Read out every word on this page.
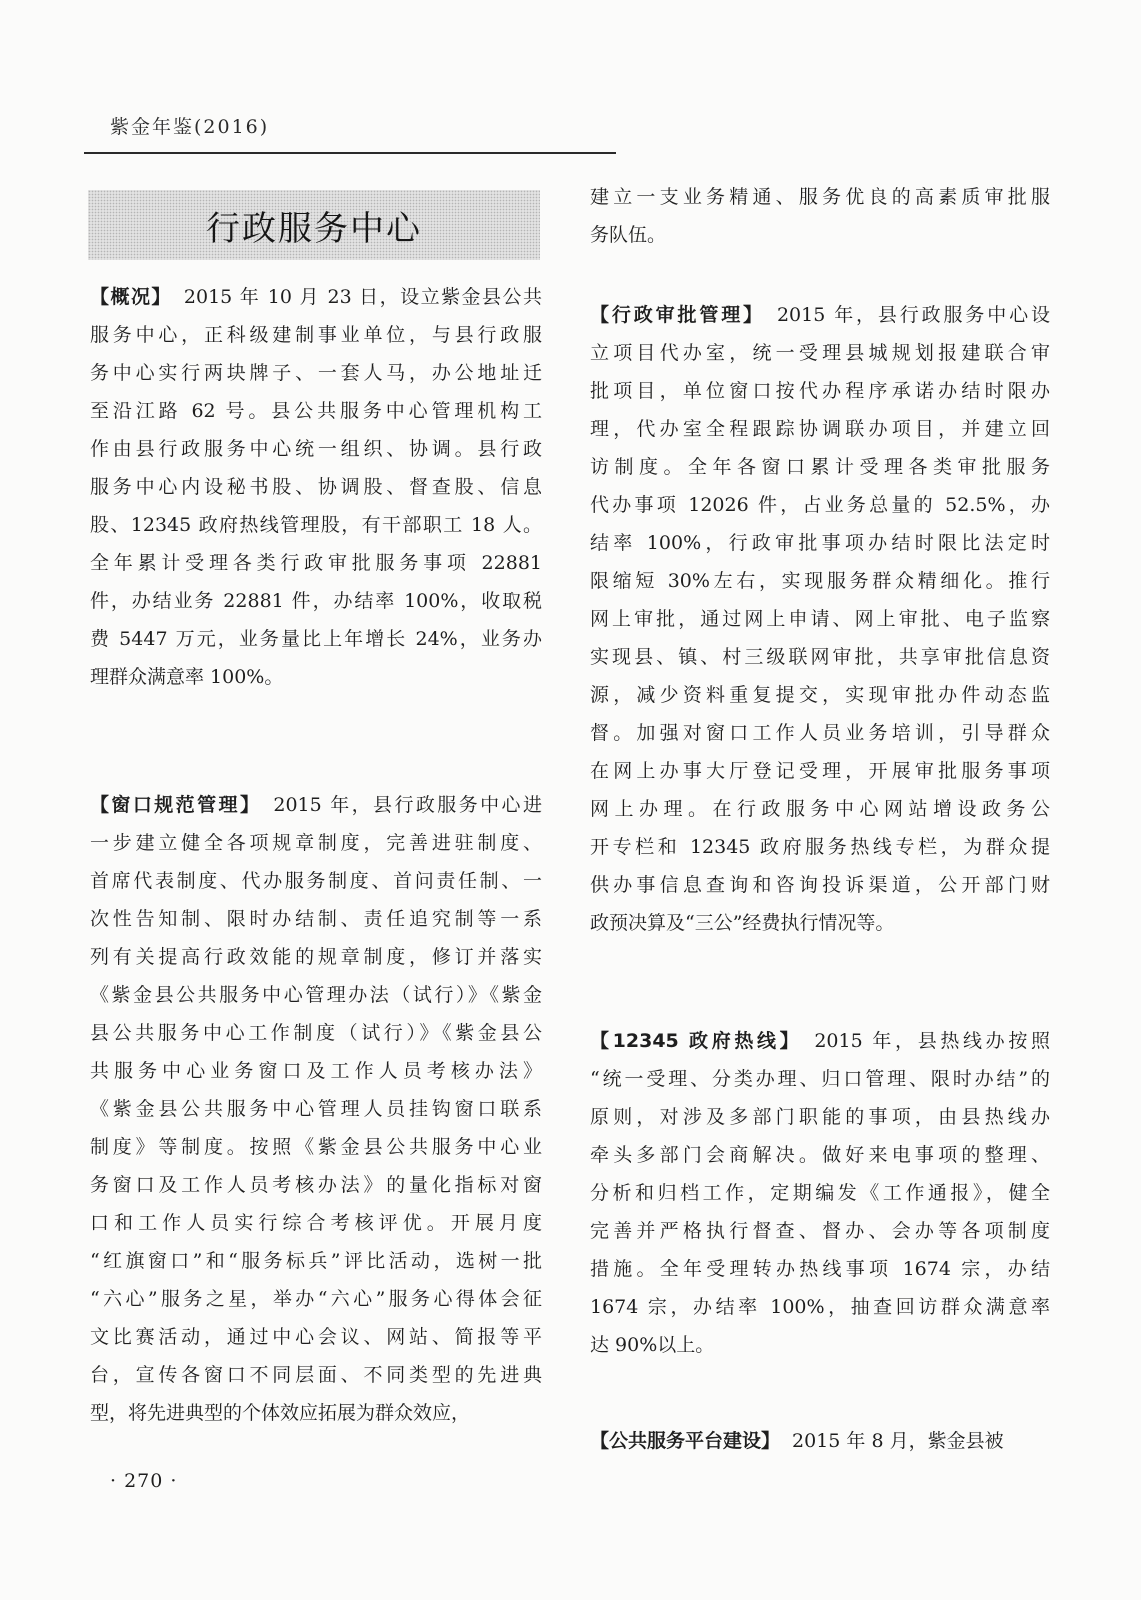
紫金年鉴(2016)
行政服务中心
【概况】 2015 年 10 月 23 日，设立紫金县公共
服务中心，正科级建制事业单位，与县行政服
务中心实行两块牌子、一套人马，办公地址迁
至沿江路 62 号。县公共服务中心管理机构工
作由县行政服务中心统一组织、协调。县行政
服务中心内设秘书股、协调股、督查股、信息
股、12345 政府热线管理股，有干部职工 18 人。
全年累计受理各类行政审批服务事项 22881
件，办结业务 22881 件，办结率 100%，收取税
费 5447 万元，业务量比上年增长 24%，业务办
理群众满意率 100%。
【窗口规范管理】 2015 年，县行政服务中心进
一步建立健全各项规章制度，完善进驻制度、
首席代表制度、代办服务制度、首问责任制、一
次性告知制、限时办结制、责任追究制等一系
列有关提高行政效能的规章制度，修订并落实
《紫金县公共服务中心管理办法（试行）》《紫金
县公共服务中心工作制度（试行）》《紫金县公
共服务中心业务窗口及工作人员考核办法》
《紫金县公共服务中心管理人员挂钩窗口联系
制度》等制度。按照《紫金县公共服务中心业
务窗口及工作人员考核办法》的量化指标对窗
口和工作人员实行综合考核评优。开展月度
“红旗窗口”和“服务标兵”评比活动，选树一批
“六心”服务之星，举办“六心”服务心得体会征
文比赛活动，通过中心会议、网站、简报等平
台，宣传各窗口不同层面、不同类型的先进典
型，将先进典型的个体效应拓展为群众效应，
建立一支业务精通、服务优良的高素质审批服
务队伍。
【行政审批管理】 2015 年，县行政服务中心设
立项目代办室，统一受理县城规划报建联合审
批项目，单位窗口按代办程序承诺办结时限办
理，代办室全程跟踪协调联办项目，并建立回
访制度。全年各窗口累计受理各类审批服务
代办事项 12026 件，占业务总量的 52.5%，办
结率 100%，行政审批事项办结时限比法定时
限缩短 30%左右，实现服务群众精细化。推行
网上审批，通过网上申请、网上审批、电子监察
实现县、镇、村三级联网审批，共享审批信息资
源，减少资料重复提交，实现审批办件动态监
督。加强对窗口工作人员业务培训，引导群众
在网上办事大厅登记受理，开展审批服务事项
网上办理。在行政服务中心网站增设政务公
开专栏和 12345 政府服务热线专栏，为群众提
供办事信息查询和咨询投诉渠道，公开部门财
政预决算及“三公”经费执行情况等。
【12345 政府热线】 2015 年，县热线办按照
“统一受理、分类办理、归口管理、限时办结”的
原则，对涉及多部门职能的事项，由县热线办
牵头多部门会商解决。做好来电事项的整理、
分析和归档工作，定期编发《工作通报》，健全
完善并严格执行督查、督办、会办等各项制度
措施。全年受理转办热线事项 1674 宗，办结
1674 宗，办结率 100%，抽查回访群众满意率
达 90%以上。
【公共服务平台建设】 2015 年 8 月，紫金县被
· 270 ·
